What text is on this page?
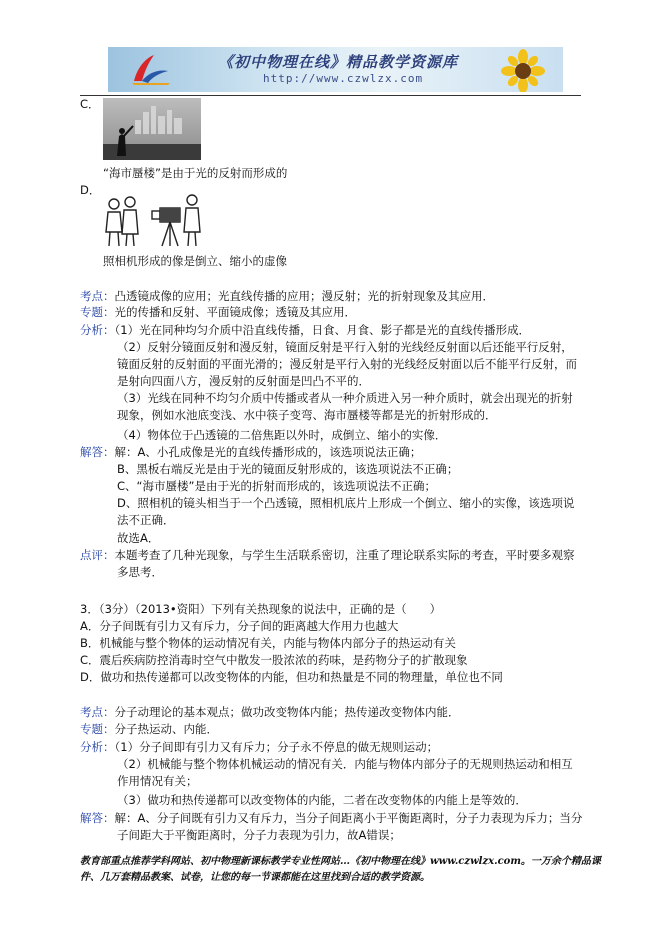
《初中物理在线》精品教学资源库
http://www.czwlzx.com
C．
“海市蜃楼”是由于光的反射而形成的
D．
照相机形成的像是倒立、缩小的虚像
考点：凸透镜成像的应用；光直线传播的应用；漫反射；光的折射现象及其应用．
专题：光的传播和反射、平面镜成像；透镜及其应用．
分析：（1）光在同种均匀介质中沿直线传播，日食、月食、影子都是光的直线传播形成．
（2）反射分镜面反射和漫反射，镜面反射是平行入射的光线经反射面以后还能平行反射，
镜面反射的反射面的平面光滑的；漫反射是平行入射的光线经反射面以后不能平行反射，而
是射向四面八方，漫反射的反射面是凹凸不平的．
（3）光线在同种不均匀介质中传播或者从一种介质进入另一种介质时，就会出现光的折射
现象，例如水池底变浅、水中筷子变弯、海市蜃楼等都是光的折射形成的．
（4）物体位于凸透镜的二倍焦距以外时，成倒立、缩小的实像．
解答：解：A、小孔成像是光的直线传播形成的，该选项说法正确；
B、黑板右端反光是由于光的镜面反射形成的，该选项说法不正确；
C、“海市蜃楼”是由于光的折射而形成的，该选项说法不正确；
D、照相机的镜头相当于一个凸透镜，照相机底片上形成一个倒立、缩小的实像，该选项说
法不正确．
故选A．
点评：本题考查了几种光现象，与学生生活联系密切，注重了理论联系实际的考查，平时要多观察
多思考．
3．（3分）（2013•资阳）下列有关热现象的说法中，正确的是（　　）
A．分子间既有引力又有斥力，分子间的距离越大作用力也越大
B．机械能与整个物体的运动情况有关，内能与物体内部分子的热运动有关
C．震后疾病防控消毒时空气中散发一股浓浓的药味，是药物分子的扩散现象
D．做功和热传递都可以改变物体的内能，但功和热量是不同的物理量，单位也不同
考点：分子动理论的基本观点；做功改变物体内能；热传递改变物体内能．
专题：分子热运动、内能．
分析：（1）分子间即有引力又有斥力；分子永不停息的做无规则运动；
（2）机械能与整个物体机械运动的情况有关．内能与物体内部分子的无规则热运动和相互
作用情况有关；
（3）做功和热传递都可以改变物体的内能，二者在改变物体的内能上是等效的．
解答：解：A、分子间既有引力又有斥力，当分子间距离小于平衡距离时，分子力表现为斥力；当分
子间距大于平衡距离时，分子力表现为引力，故A错误；
教育部重点推荐学科网站、初中物理新课标教学专业性网站…《初中物理在线》www.czwlzx.com。一万余个精品课
件、几万套精品教案、试卷，让您的每一节课都能在这里找到合适的教学资源。
